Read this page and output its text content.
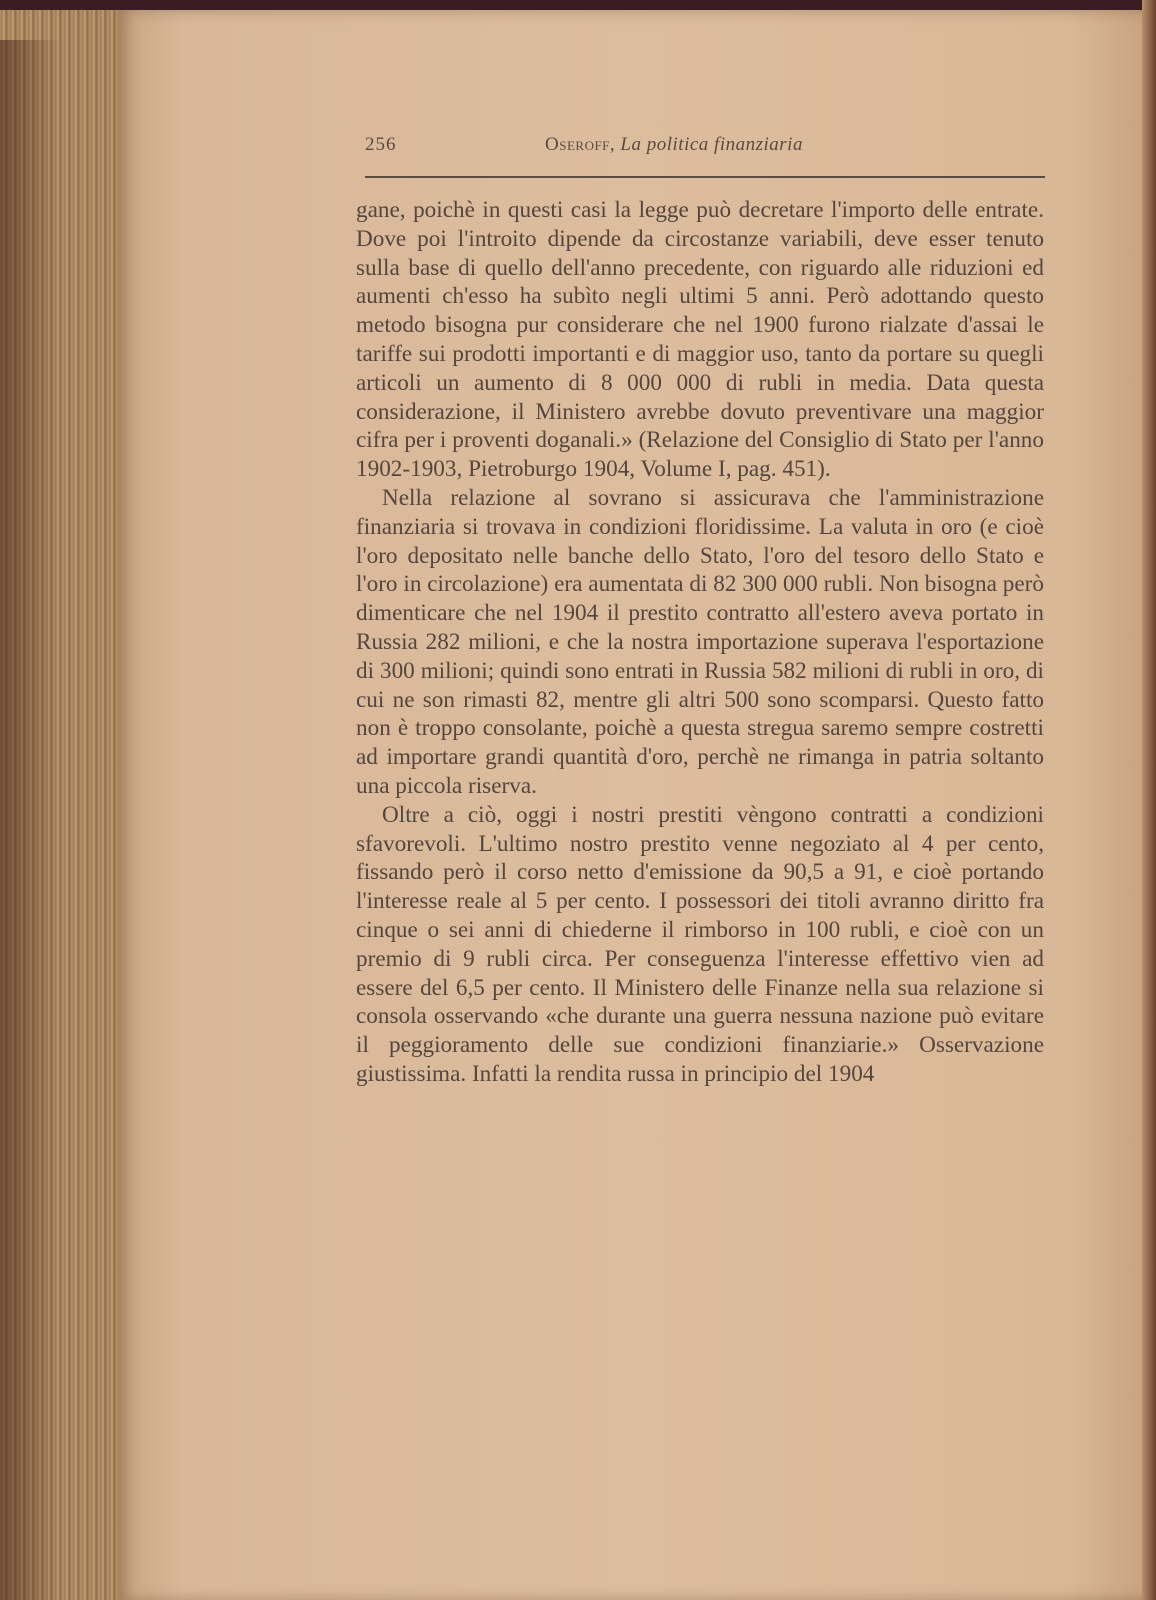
256	Oseroff, La politica finanziaria

gane, poichè in questi casi la legge può decretare l'importo delle entrate. Dove poi l'introito dipende da circostanze variabili, deve esser tenuto sulla base di quello dell'anno precedente, con riguardo alle riduzioni ed aumenti ch'esso ha subìto negli ultimi 5 anni. Però adottando questo metodo bisogna pur considerare che nel 1900 furono rialzate d'assai le tariffe sui prodotti importanti e di maggior uso, tanto da portare su quegli articoli un aumento di 8 000 000 di rubli in media. Data questa considerazione, il Ministero avrebbe dovuto preventivare una maggior cifra per i proventi doganali.» (Relazione del Consiglio di Stato per l'anno 1902-1903, Pietroburgo 1904, Volume I, pag. 451).

Nella relazione al sovrano si assicurava che l'amministrazione finanziaria si trovava in condizioni floridissime. La valuta in oro (e cioè l'oro depositato nelle banche dello Stato, l'oro del tesoro dello Stato e l'oro in circolazione) era aumentata di 82 300 000 rubli. Non bisogna però dimenticare che nel 1904 il prestito contratto all'estero aveva portato in Russia 282 milioni, e che la nostra importazione superava l'esportazione di 300 milioni; quindi sono entrati in Russia 582 milioni di rubli in oro, di cui ne son rimasti 82, mentre gli altri 500 sono scomparsi. Questo fatto non è troppo consolante, poichè a questa stregua saremo sempre costretti ad importare grandi quantità d'oro, perchè ne rimanga in patria soltanto una piccola riserva.

Oltre a ciò, oggi i nostri prestiti vèngono contratti a condizioni sfavorevoli. L'ultimo nostro prestito venne negoziato al 4 per cento, fissando però il corso netto d'emissione da 90,5 a 91, e cioè portando l'interesse reale al 5 per cento. I possessori dei titoli avranno diritto fra cinque o sei anni di chiederne il rimborso in 100 rubli, e cioè con un premio di 9 rubli circa. Per conseguenza l'interesse effettivo vien ad essere del 6,5 per cento. Il Ministero delle Finanze nella sua relazione si consola osservando «che durante una guerra nessuna nazione può evitare il peggioramento delle sue condizioni finanziarie.» Osservazione giustissima. Infatti la rendita russa in principio del 1904
